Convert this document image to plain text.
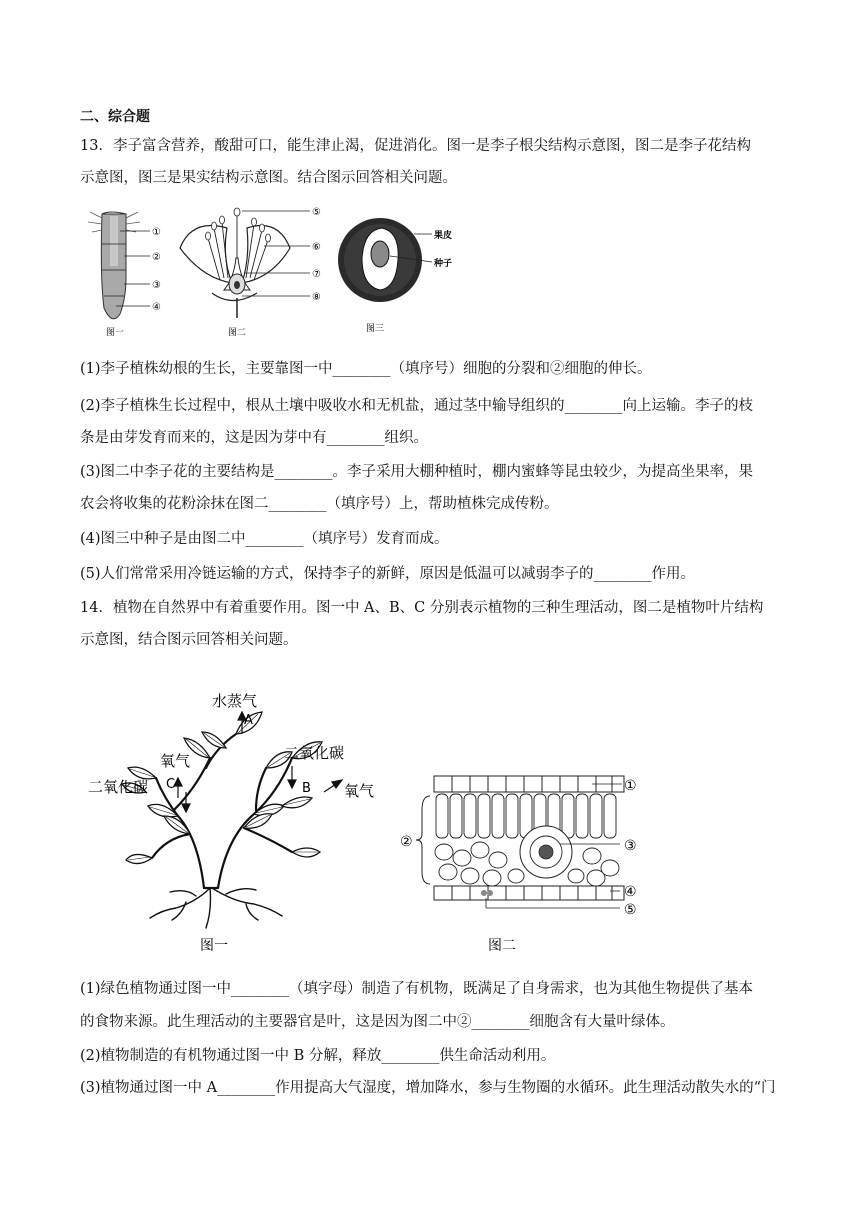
二、综合题
13．李子富含营养，酸甜可口，能生津止渴，促进消化。图一是李子根尖结构示意图，图二是李子花结构
示意图，图三是果实结构示意图。结合图示回答相关问题。
①
②
③
④
图一
⑤
⑥
⑦
⑧
图二
果皮
种子
图三
(1)李子植株幼根的生长，主要靠图一中________（填序号）细胞的分裂和②细胞的伸长。
(2)李子植株生长过程中，根从土壤中吸收水和无机盐，通过茎中输导组织的________向上运输。李子的枝
条是由芽发育而来的，这是因为芽中有________组织。
(3)图二中李子花的主要结构是________。李子采用大棚种植时，棚内蜜蜂等昆虫较少，为提高坐果率，果
农会将收集的花粉涂抹在图二________（填序号）上，帮助植株完成传粉。
(4)图三中种子是由图二中________（填序号）发育而成。
(5)人们常常采用冷链运输的方式，保持李子的新鲜，原因是低温可以减弱李子的________作用。
14．植物在自然界中有着重要作用。图一中 A、B、C 分别表示植物的三种生理活动，图二是植物叶片结构
示意图，结合图示回答相关问题。
水蒸气
A
氧气
二氧化碳 C
二氧化碳
B 氧气
图一
①
②	③
④
⑤
图二
(1)绿色植物通过图一中________（填字母）制造了有机物，既满足了自身需求，也为其他生物提供了基本
的食物来源。此生理活动的主要器官是叶，这是因为图二中②________细胞含有大量叶绿体。
(2)植物制造的有机物通过图一中 B 分解，释放________供生命活动利用。
(3)植物通过图一中 A________作用提高大气湿度，增加降水，参与生物圈的水循环。此生理活动散失水的“门
